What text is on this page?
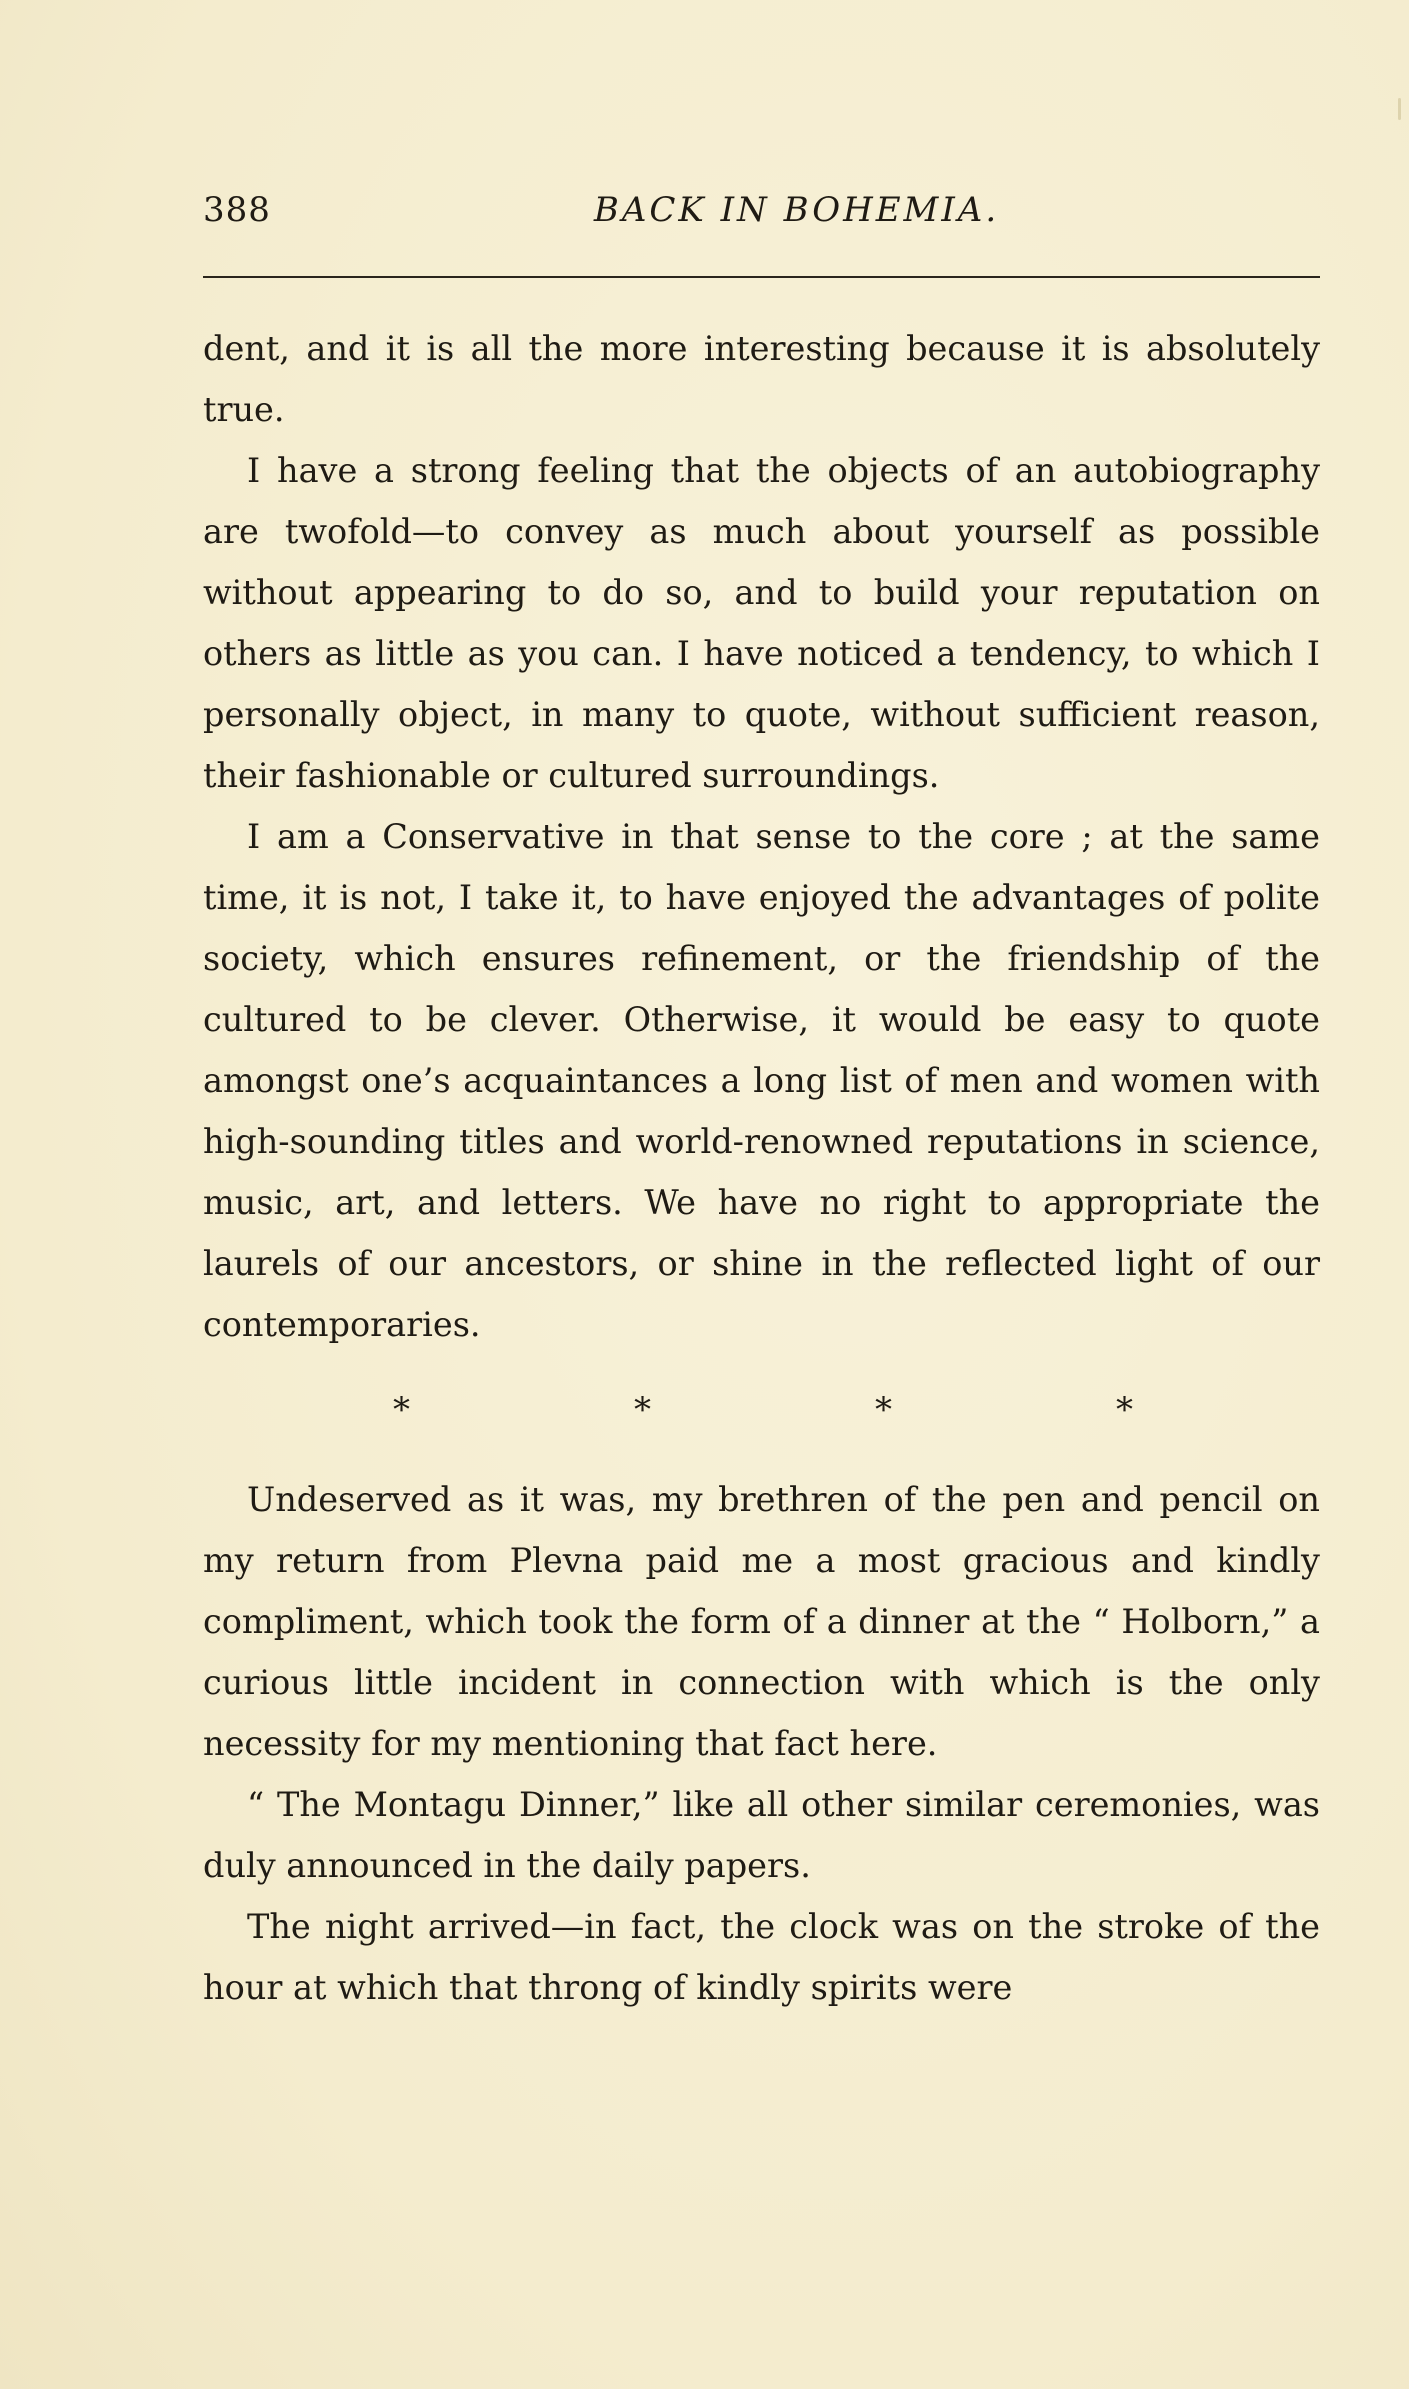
388	BACK IN BOHEMIA.

dent, and it is all the more interesting because it is absolutely true.

I have a strong feeling that the objects of an autobiography are twofold—to convey as much about yourself as possible without appearing to do so, and to build your reputation on others as little as you can. I have noticed a tendency, to which I personally object, in many to quote, without sufficient reason, their fashionable or cultured surroundings.

I am a Conservative in that sense to the core ; at the same time, it is not, I take it, to have enjoyed the advantages of polite society, which ensures refinement, or the friendship of the cultured to be clever. Otherwise, it would be easy to quote amongst one’s acquaintances a long list of men and women with high-sounding titles and world-renowned reputations in science, music, art, and letters. We have no right to appropriate the laurels of our ancestors, or shine in the reflected light of our contemporaries.

*	*	*	*

Undeserved as it was, my brethren of the pen and pencil on my return from Plevna paid me a most gracious and kindly compliment, which took the form of a dinner at the “ Holborn,” a curious little incident in connection with which is the only necessity for my mentioning that fact here.

“ The Montagu Dinner,” like all other similar ceremonies, was duly announced in the daily papers.

The night arrived—in fact, the clock was on the stroke of the hour at which that throng of kindly spirits were
